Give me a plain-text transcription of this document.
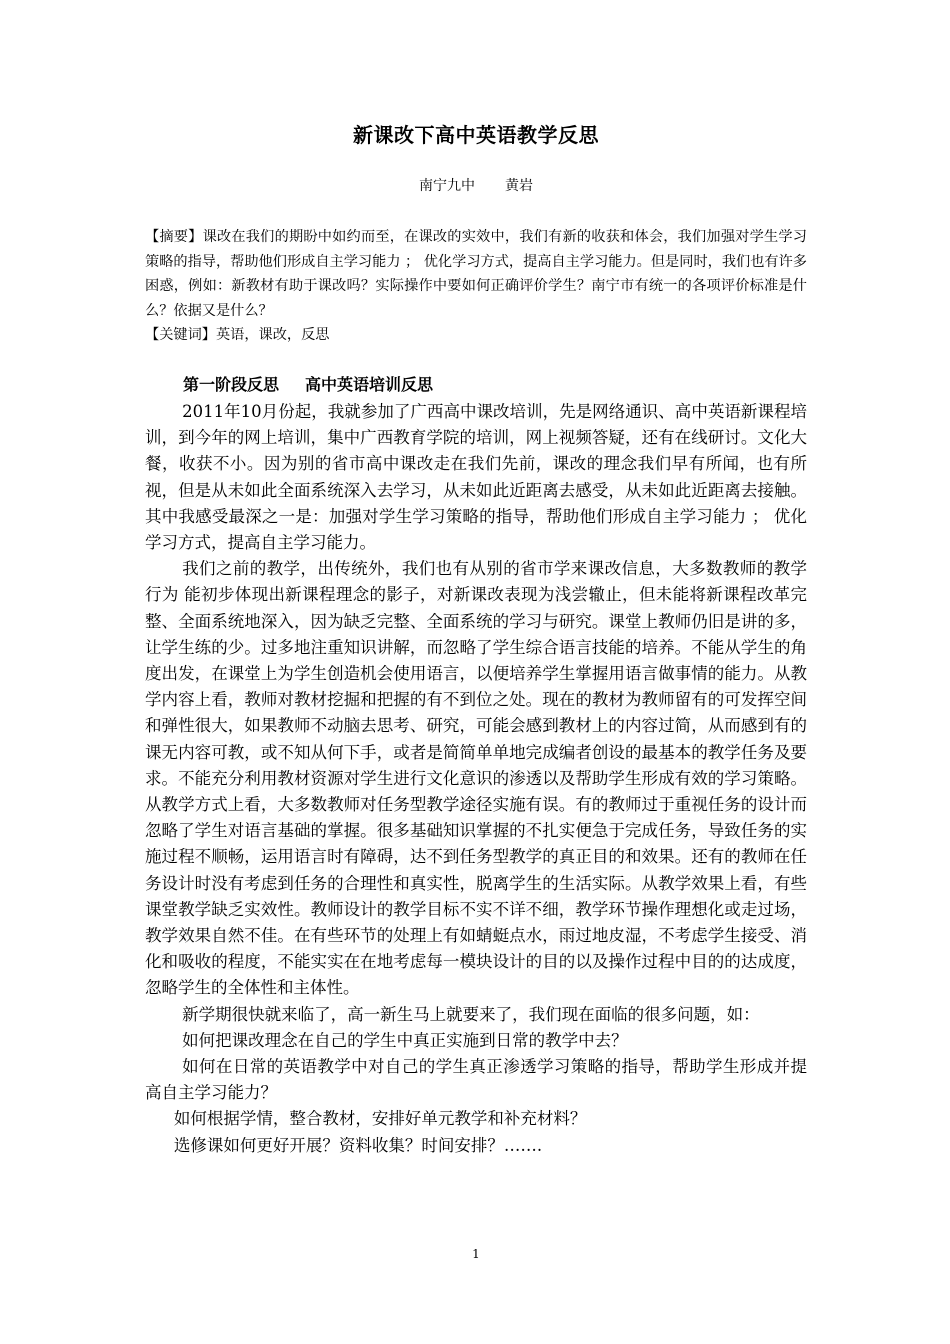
新课改下高中英语教学反思
南宁九中 黄岩

【摘要】课改在我们的期盼中如约而至，在课改的实效中，我们有新的收获和体会，我们加强对学生学习策略的指导，帮助他们形成自主学习能力 ； 优化学习方式，提高自主学习能力。但是同时，我们也有许多困惑，例如：新教材有助于课改吗？实际操作中要如何正确评价学生？南宁市有统一的各项评价标准是什么？依据又是什么？

【关键词】英语，课改，反思

第一阶段反思 高中英语培训反思

2011年10月份起，我就参加了广西高中课改培训，先是网络通识、高中英语新课程培训，到今年的网上培训，集中广西教育学院的培训，网上视频答疑，还有在线研讨。文化大餐，收获不小。因为别的省市高中课改走在我们先前，课改的理念我们早有所闻，也有所视，但是从未如此全面系统深入去学习，从未如此近距离去感受，从未如此近距离去接触。其中我感受最深之一是：加强对学生学习策略的指导，帮助他们形成自主学习能力 ； 优化学习方式，提高自主学习能力。

我们之前的教学，出传统外，我们也有从别的省市学来课改信息，大多数教师的教学行为 能初步体现出新课程理念的影子，对新课改表现为浅尝辙止，但未能将新课程改革完整、全面系统地深入，因为缺乏完整、全面系统的学习与研究。课堂上教师仍旧是讲的多，让学生练的少。过多地注重知识讲解，而忽略了学生综合语言技能的培养。不能从学生的角度出发，在课堂上为学生创造机会使用语言，以便培养学生掌握用语言做事情的能力。从教学内容上看，教师对教材挖掘和把握的有不到位之处。现在的教材为教师留有的可发挥空间和弹性很大，如果教师不动脑去思考、研究，可能会感到教材上的内容过简，从而感到有的课无内容可教，或不知从何下手，或者是简简单单地完成编者创设的最基本的教学任务及要求。不能充分利用教材资源对学生进行文化意识的渗透以及帮助学生形成有效的学习策略。从教学方式上看，大多数教师对任务型教学途径实施有误。有的教师过于重视任务的设计而忽略了学生对语言基础的掌握。很多基础知识掌握的不扎实便急于完成任务，导致任务的实施过程不顺畅，运用语言时有障碍，达不到任务型教学的真正目的和效果。还有的教师在任务设计时没有考虑到任务的合理性和真实性，脱离学生的生活实际。从教学效果上看，有些课堂教学缺乏实效性。教师设计的教学目标不实不详不细，教学环节操作理想化或走过场，教学效果自然不佳。在有些环节的处理上有如蜻蜓点水，雨过地皮湿，不考虑学生接受、消化和吸收的程度，不能实实在在地考虑每一模块设计的目的以及操作过程中目的的达成度，忽略学生的全体性和主体性。

新学期很快就来临了，高一新生马上就要来了，我们现在面临的很多问题，如：

如何把课改理念在自己的学生中真正实施到日常的教学中去？

如何在日常的英语教学中对自己的学生真正渗透学习策略的指导，帮助学生形成并提高自主学习能力？

如何根据学情，整合教材，安排好单元教学和补充材料？

选修课如何更好开展？资料收集？时间安排？…….

1
